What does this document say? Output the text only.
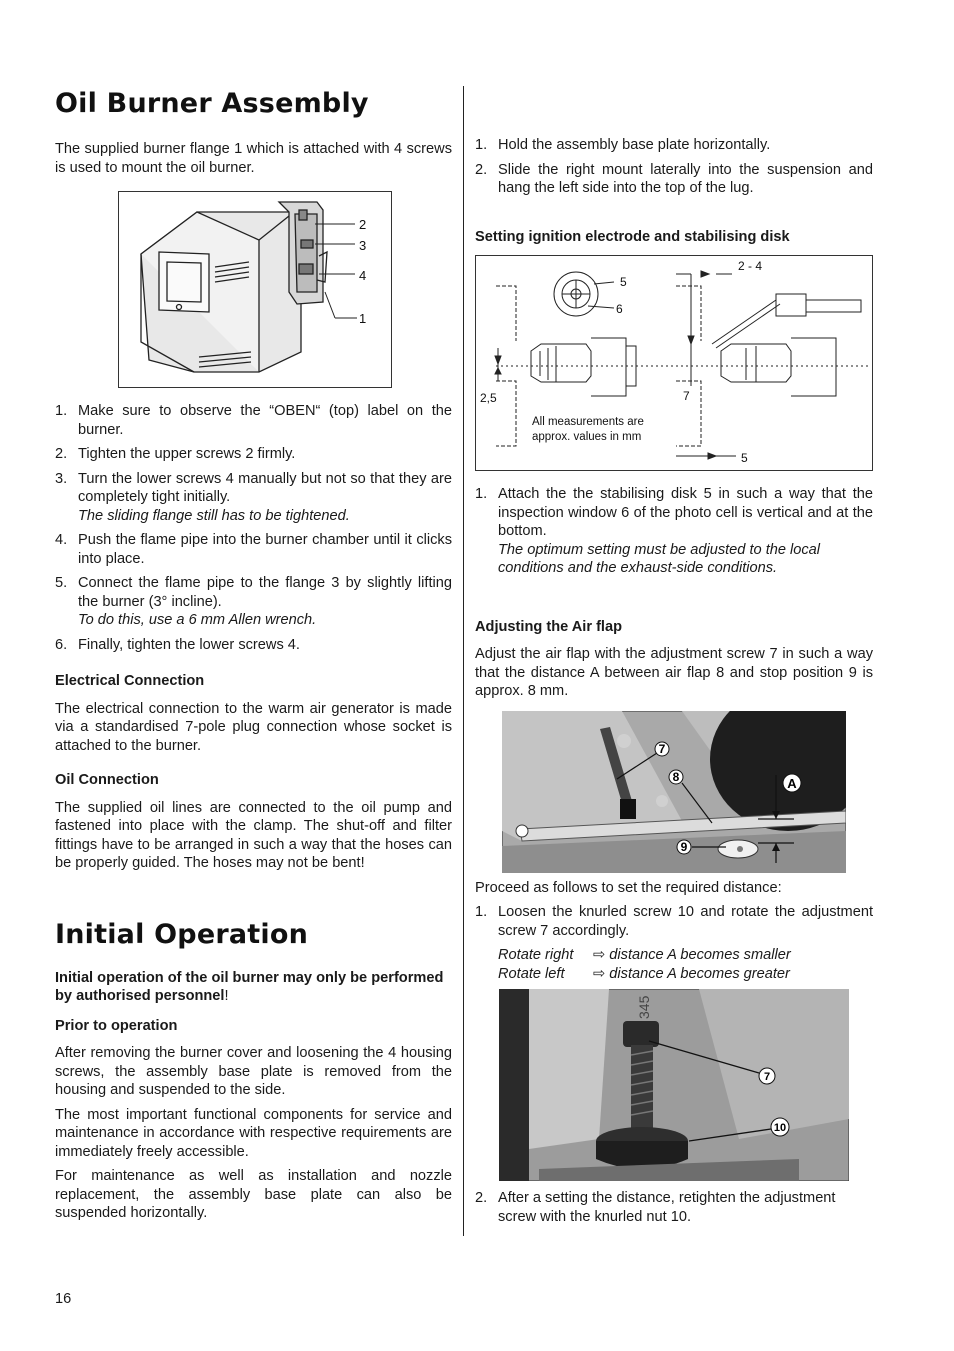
Oil Burner Assembly

The supplied burner flange 1 which is attached with 4 screws is used to mount the oil burner.

2
3
4
1
1. Make sure to observe the “OBEN“ (top) label on the burner.
2. Tighten the upper screws 2 firmly.
3. Turn the lower screws 4 manually but not so that they are completely tight initially.
The sliding flange still has to be tightened.
4. Push the flame pipe into the burner chamber until it clicks into place.
5. Connect the flame pipe to the flange 3 by slightly lifting the burner (3° incline).
To do this, use a 6 mm Allen wrench.
6. Finally, tighten the lower screws 4.
Electrical Connection

The electrical connection to the warm air generator is made via a standardised 7-pole plug connection whose socket is attached to the burner.

Oil Connection

The supplied oil lines are connected to the oil pump and fastened into place with the clamp. The shut-off and filter fittings have to be arranged in such a way that the hoses can be properly guided. The hoses may not be bent!

Initial Operation

Initial operation of the oil burner may only be performed by authorised personnel!

Prior to operation

After removing the burner cover and loosening the 4 housing screws, the assembly base plate is removed from the housing and suspended to the side.

The most important functional components for service and maintenance in accordance with respective requirements are immediately freely accessible.

For maintenance as well as installation and nozzle replacement, the assembly base plate can also be suspended horizontally.

1. Hold the assembly base plate horizontally.
2. Slide the right mount laterally into the suspension and hang the left side into the top of the lug.
Setting ignition electrode and stabilising disk
5
6
2 - 4
2,5	7
5
All measurements are
approx. values in mm
1. Attach the the stabilising disk 5 in such a way that the inspection window 6 of the photo cell is vertical and at the bottom.
The optimum setting must be adjusted to the local conditions and the exhaust-side conditions.
Adjusting the Air flap

Adjust the air flap with the adjustment screw 7 in such a way that the distance A between air flap 8 and stop position 9 is approx. 8 mm.

7
8
9
A

Proceed as follows to set the required distance:

1. Loosen the knurled screw 10 and rotate the adjustment screw 7 accordingly.
Rotate right	⇨ distance A becomes smaller
Rotate left	⇨ distance A becomes greater
345
7
10
2. After a setting the distance, retighten the adjustment screw with the knurled nut 10.
16
